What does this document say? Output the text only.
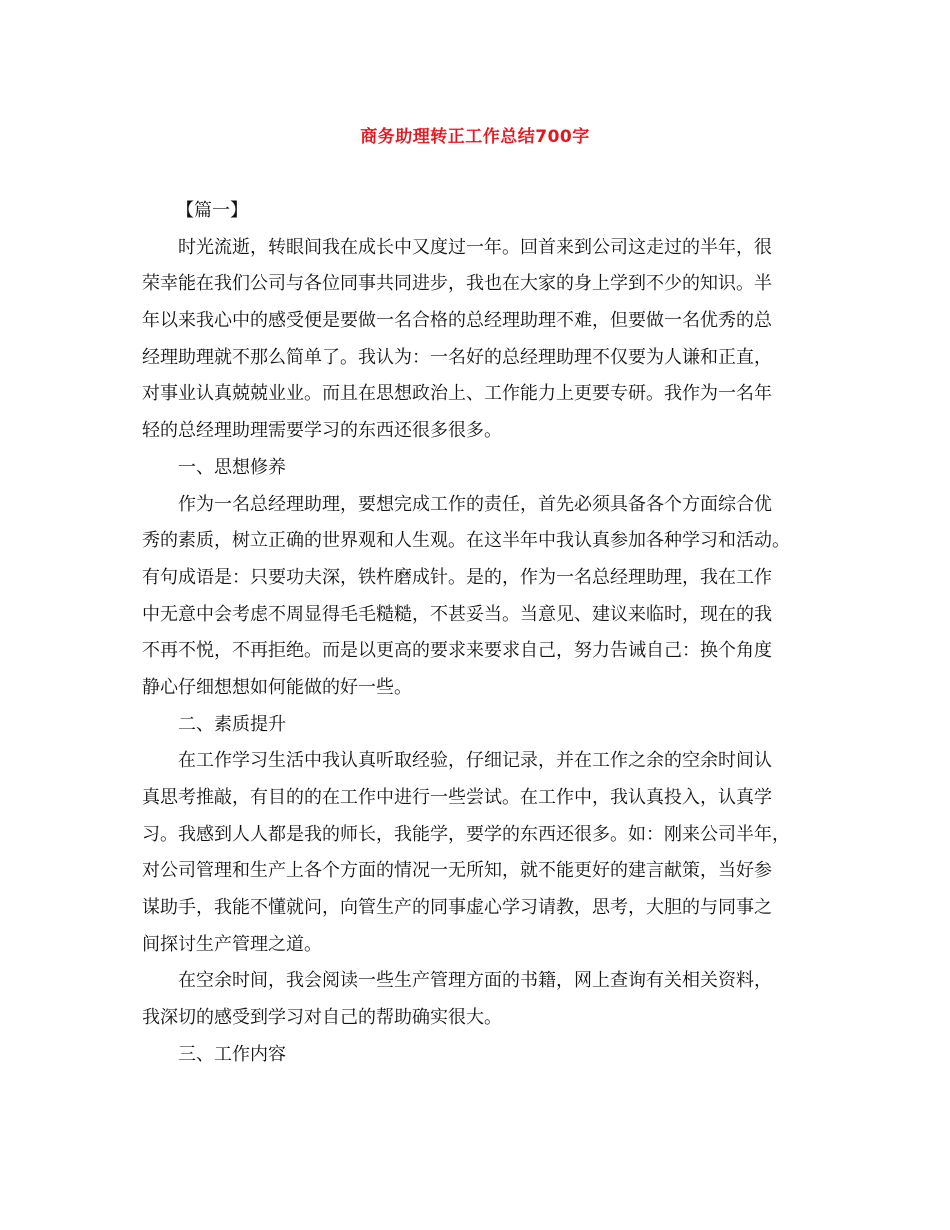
商务助理转正工作总结700字
【篇一】
时光流逝，转眼间我在成长中又度过一年。回首来到公司这走过的半年，很
荣幸能在我们公司与各位同事共同进步，我也在大家的身上学到不少的知识。半
年以来我心中的感受便是要做一名合格的总经理助理不难，但要做一名优秀的总
经理助理就不那么简单了。我认为：一名好的总经理助理不仅要为人谦和正直，
对事业认真兢兢业业。而且在思想政治上、工作能力上更要专研。我作为一名年
轻的总经理助理需要学习的东西还很多很多。
一、思想修养
作为一名总经理助理，要想完成工作的责任，首先必须具备各个方面综合优
秀的素质，树立正确的世界观和人生观。在这半年中我认真参加各种学习和活动。
有句成语是：只要功夫深，铁杵磨成针。是的，作为一名总经理助理，我在工作
中无意中会考虑不周显得毛毛糙糙，不甚妥当。当意见、建议来临时，现在的我
不再不悦，不再拒绝。而是以更高的要求来要求自己，努力告诫自己：换个角度
静心仔细想想如何能做的好一些。
二、素质提升
在工作学习生活中我认真听取经验，仔细记录，并在工作之余的空余时间认
真思考推敲，有目的的在工作中进行一些尝试。在工作中，我认真投入，认真学
习。我感到人人都是我的师长，我能学，要学的东西还很多。如：刚来公司半年，
对公司管理和生产上各个方面的情况一无所知，就不能更好的建言献策，当好参
谋助手，我能不懂就问，向管生产的同事虚心学习请教，思考，大胆的与同事之
间探讨生产管理之道。
在空余时间，我会阅读一些生产管理方面的书籍，网上查询有关相关资料，
我深切的感受到学习对自己的帮助确实很大。
三、工作内容
